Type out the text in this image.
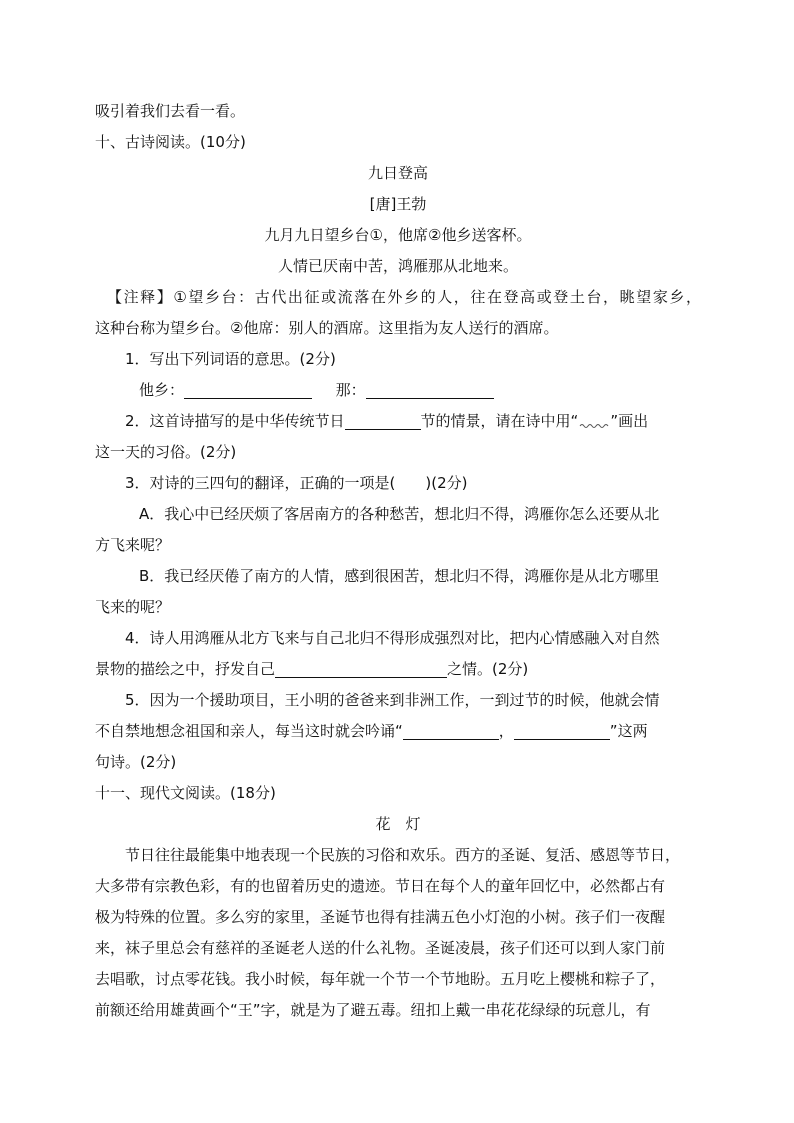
吸引着我们去看一看。
十、古诗阅读。(10分)
九日登高
[唐]王勃
九月九日望乡台①，他席②他乡送客杯。
人情已厌南中苦，鸿雁那从北地来。
【注释】①望乡台：古代出征或流落在外乡的人，往在登高或登土台，眺望家乡，
这种台称为望乡台。②他席：别人的酒席。这里指为友人送行的酒席。
1．写出下列词语的意思。(2分)
他乡：	那：
2．这首诗描写的是中华传统节日	节的情景，请在诗中用“ ”画出
这一天的习俗。(2分)
3．对诗的三四句的翻译，正确的一项是(　　)(2分)
A．我心中已经厌烦了客居南方的各种愁苦，想北归不得，鸿雁你怎么还要从北
方飞来呢？
B．我已经厌倦了南方的人情，感到很困苦，想北归不得，鸿雁你是从北方哪里
飞来的呢？
4．诗人用鸿雁从北方飞来与自己北归不得形成强烈对比，把内心情感融入对自然
景物的描绘之中，抒发自己	之情。(2分)
5．因为一个援助项目，王小明的爸爸来到非洲工作，一到过节的时候，他就会情
不自禁地想念祖国和亲人，每当这时就会吟诵“	，	”这两
句诗。(2分)
十一、现代文阅读。(18分)
花　灯
节日往往最能集中地表现一个民族的习俗和欢乐。西方的圣诞、复活、感恩等节日，
大多带有宗教色彩，有的也留着历史的遗迹。节日在每个人的童年回忆中，必然都占有
极为特殊的位置。多么穷的家里，圣诞节也得有挂满五色小灯泡的小树。孩子们一夜醒
来，袜子里总会有慈祥的圣诞老人送的什么礼物。圣诞凌晨，孩子们还可以到人家门前
去唱歌，讨点零花钱。我小时候，每年就一个节一个节地盼。五月吃上樱桃和粽子了，
前额还给用雄黄画个“王”字，就是为了避五毒。纽扣上戴一串花花绿绿的玩意儿，有
